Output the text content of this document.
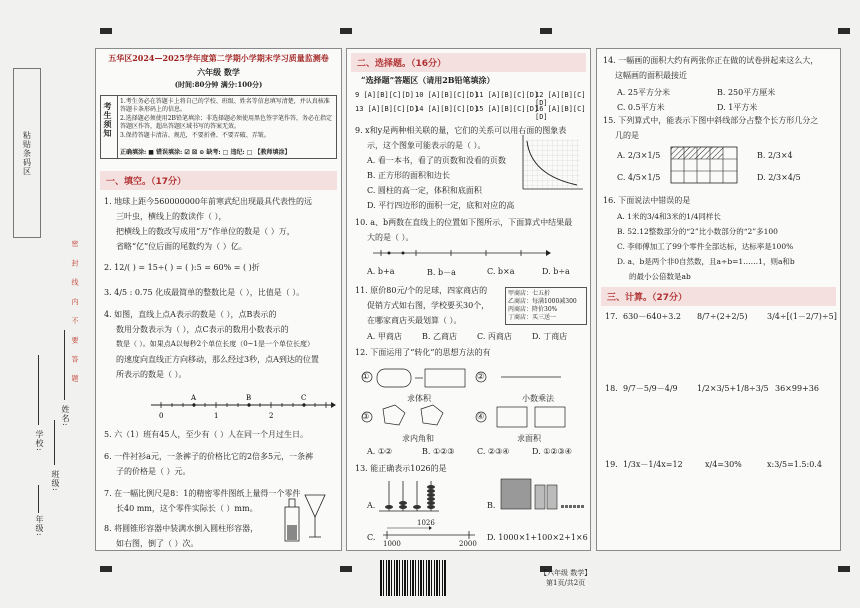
粘贴条码区
密 封 线 内 不 要 答 题
学校:
班级:
姓名:
年级:
五华区2024—2025学年度第二学期小学期末学习质量监测卷
六年级 数学
(时间:80分钟 满分:100分)
考生须知
1.考生务必在答题卡上将自己的学校、班级、姓名等信息填写清楚，并认真核准答题卡条形码上的信息。
2.选择题必须使用2B铅笔填涂；非选择题必须使用黑色签字笔作答，务必在指定答题区作答，超出答题区域书写的答案无效。
3.保持答题卡清洁、规范，不要折叠、不要弄破、弄皱。
正确填涂: ■ 错误填涂: ☑ ☒ ⊙ 缺考: □ 违纪: □ 【教师填涂】
一、填空。（17分）
1. 地球上距今560000000年前寒武纪出现最具代表性的远
三叶虫，横线上的数读作（ ），
把横线上的数改写成用“万”作单位的数是（ ）万，
省略“亿”位后面的尾数约为（ ）亿。
2. 12/( ) = 15÷( ) = ( ):5 = 60% = ( )折
3. 4/5 : 0.75 化成最简单的整数比是（ ），比值是（ ）。
4. 如图，直线上点A表示的数是（ ），点B表示的
数用分数表示为（ ），点C表示的数用小数表示的
数是（ ）。如果点A以每秒2个单位长度（0~1是一个单位长度）
的速度向直线正方向移动，那么经过3秒，点A到达的位置
所表示的数是（ ）。
A	B	C
0	1	2
5. 六（1）班有45人，至少有（ ）人在同一个月过生日。
6. 一件衬衫a元，一条裤子的价格比它的2倍多5元，一条裤
子的价格是（ ）元。
7. 在一幅比例尺是8：1的精密零件图纸上量得一个零件
长40 mm，这个零件实际长（ ）mm。
8. 将圆锥形容器中装满水倒入圆柱形容器，
如右图，倒了（ ）次。
二、选择题。（16分）
“选择题”答题区（请用2B铅笔填涂）
9 [A][B][C][D] 10 [A][B][C][D]
11 [A][B][C][D]
12 [A][B][C][D]
13 [A][B][C][D]
14 [A][B][C][D]
15 [A][B][C][D]
16 [A][B][C][D]
9. x和y是两种相关联的量，它们的关系可以用右面的图象表
示，这个图象可能表示的是（ ）。
A. 看一本书，看了的页数和没看的页数
B. 正方形的面积和边长
C. 圆柱的高一定，体积和底面积
D. 平行四边形的面积一定，底和对应的高
10. a、b两数在直线上的位置如下图所示，下面算式中结果最
大的是（ ）。
A. b+a	B. b－a	C. b×a	D. b÷a
11. 原价80元/个的足球，四家商店的
促销方式如右图，学校要买30个，
在哪家商店买最划算（ ）。
甲商店：七五折
乙商店：每满1000减300
丙商店：降价30%
丁商店：买三送一
A. 甲商店	B. 乙商店	C. 丙商店	D. 丁商店
12. 下面运用了“转化”的思想方法的有
①	②
③	④
求体积	小数乘法
求内角和	求面积
A. ①②	B. ①②③	C. ②③④	D. ①②③④
13. 能正确表示1026的是
A.	B.
C.
1000
1026
2000
D. 1000×1+100×2+1×6
14. 一幅画的面积大约有两张你正在做的试卷拼起来这么大，
这幅画的面积最接近
A. 25平方分米	B. 250平方厘米
C. 0.5平方米	D. 1平方米
15. 下列算式中，能表示下图中斜线部分占整个长方形几分之
几的是
A. 2/3×1/5
C. 4/5×1/5
B. 2/3×4
D. 2/3×4/5
16. 下面说法中错误的是
A. 1米的3/4和3米的1/4同样长
B. 52.12整数部分的“2”比小数部分的“2”多100
C. 李师傅加工了99个零件全部达标，达标率是100%
D. a、b是两个非0自然数，且a÷b=1……1，则a和b
的最小公倍数是ab
三、计算。（27分）
17. 630－640÷3.2 8/7÷(2+2/5) 3/4÷[(1－2/7)÷5]
18. 9/7－5/9－4/9 1/2×3/5+1/8÷3/5 36×99+36
19. 1/3x－1/4x=12	x/4=30%	x:3/5=1.5:0.4
【六年级 数学】
第1页/共2页
